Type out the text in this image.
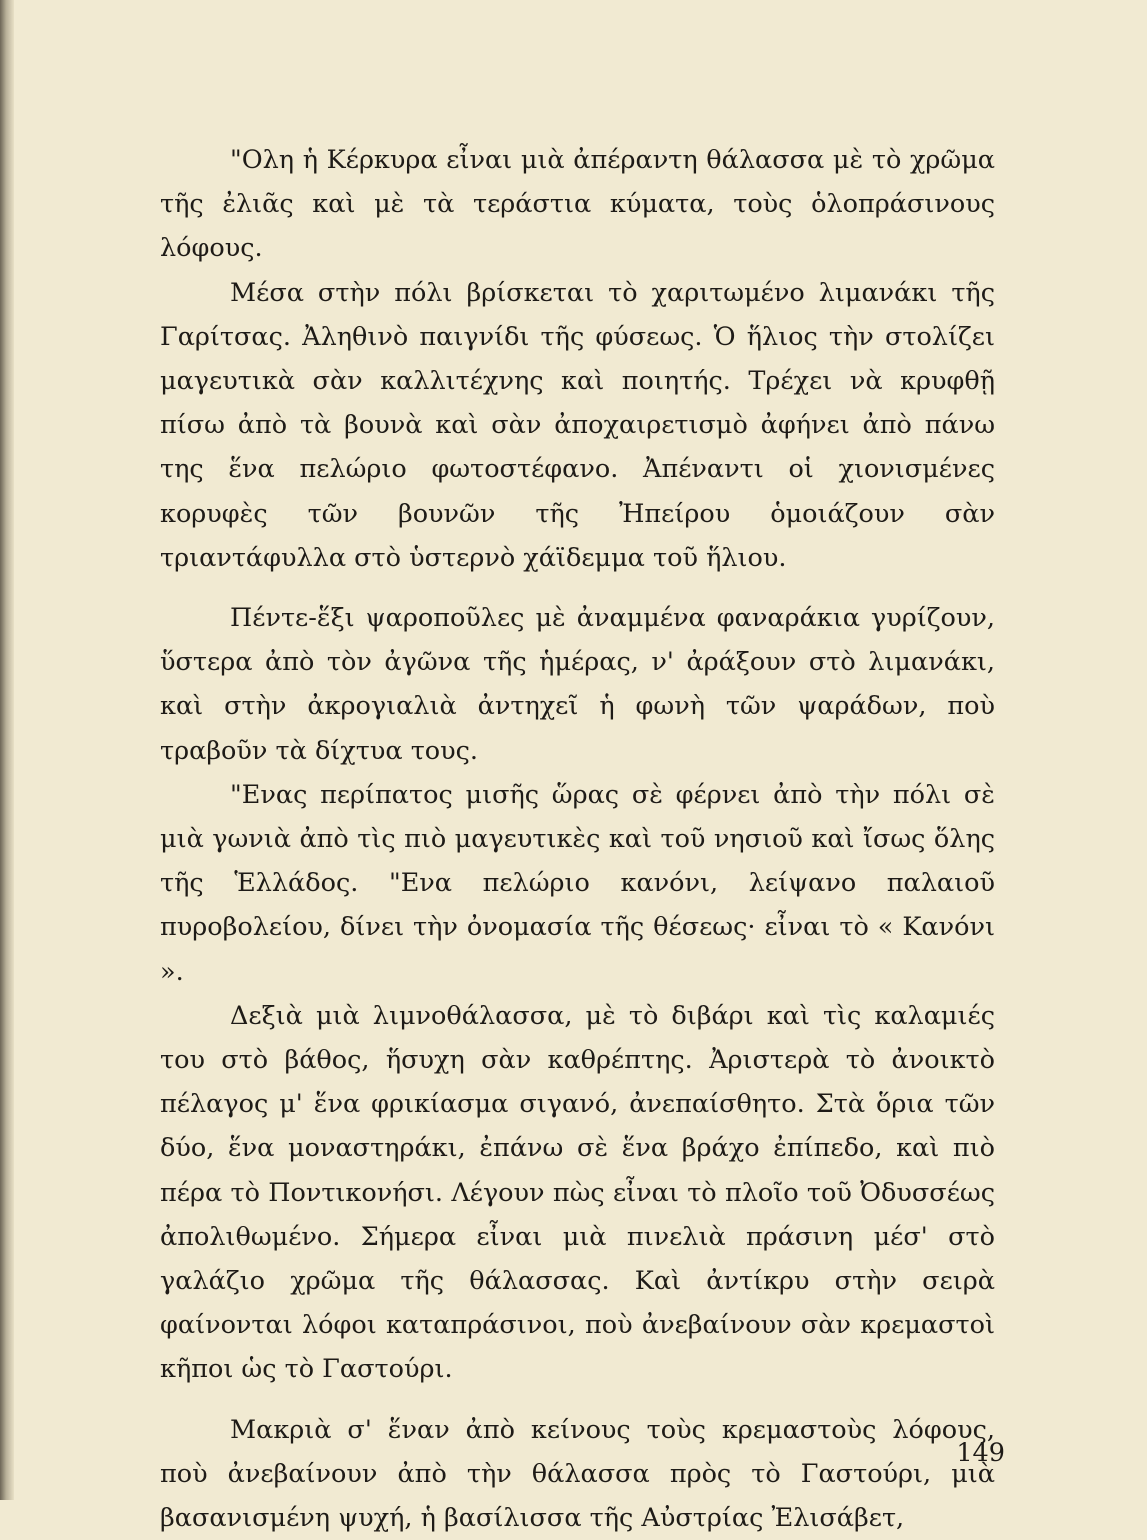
"Ολη ἡ Κέρκυρα εἶναι μιὰ ἀπέραντη θάλασσα μὲ τὸ χρῶμα τῆς ἐλιᾶς καὶ μὲ τὰ τεράστια κύματα, τοὺς ὁλοπράσινους λόφους.

Μέσα στὴν πόλι βρίσκεται τὸ χαριτωμένο λιμανάκι τῆς Γαρίτσας. Ἀληθινὸ παιγνίδι τῆς φύσεως. Ὁ ἥλιος τὴν στολίζει μαγευτικὰ σὰν καλλιτέχνης καὶ ποιητής. Τρέχει νὰ κρυφθῇ πίσω ἀπὸ τὰ βουνὰ καὶ σὰν ἀποχαιρετισμὸ ἀφήνει ἀπὸ πάνω της ἕνα πελώριο φωτοστέφανο. Ἀπέναντι οἱ χιονισμένες κορυφὲς τῶν βουνῶν τῆς Ἠπείρου ὁμοιάζουν σὰν τριαντάφυλλα στὸ ὑστερνὸ χάϊδεμμα τοῦ ἥλιου.

Πέντε-ἕξι ψαροποῦλες μὲ ἀναμμένα φαναράκια γυρίζουν, ὕστερα ἀπὸ τὸν ἀγῶνα τῆς ἡμέρας, ν' ἀράξουν στὸ λιμανάκι, καὶ στὴν ἀκρογιαλιὰ ἀντηχεῖ ἡ φωνὴ τῶν ψαράδων, ποὺ τραβοῦν τὰ δίχτυα τους.

"Ενας περίπατος μισῆς ὥρας σὲ φέρνει ἀπὸ τὴν πόλι σὲ μιὰ γωνιὰ ἀπὸ τὶς πιὸ μαγευτικὲς καὶ τοῦ νησιοῦ καὶ ἴσως ὅλης τῆς Ἑλλάδος. "Ενα πελώριο κανόνι, λείψανο παλαιοῦ πυροβολείου, δίνει τὴν ὀνομασία τῆς θέσεως· εἶναι τὸ « Κανόνι ».

Δεξιὰ μιὰ λιμνοθάλασσα, μὲ τὸ διβάρι καὶ τὶς καλαμιές του στὸ βάθος, ἥσυχη σὰν καθρέπτης. Ἀριστερὰ τὸ ἀνοικτὸ πέλαγος μ' ἕνα φρικίασμα σιγανό, ἀνεπαίσθητο. Στὰ ὅρια τῶν δύο, ἕνα μοναστηράκι, ἐπάνω σὲ ἕνα βράχο ἐπίπεδο, καὶ πιὸ πέρα τὸ Ποντικονήσι. Λέγουν πὼς εἶναι τὸ πλοῖο τοῦ Ὀδυσσέως ἀπολιθωμένο. Σήμερα εἶναι μιὰ πινελιὰ πράσινη μέσ' στὸ γαλάζιο χρῶμα τῆς θάλασσας. Καὶ ἀντίκρυ στὴν σειρὰ φαίνονται λόφοι καταπράσινοι, ποὺ ἀνεβαίνουν σὰν κρεμαστοὶ κῆποι ὡς τὸ Γαστούρι.

Μακριὰ σ' ἕναν ἀπὸ κείνους τοὺς κρεμαστοὺς λόφους, ποὺ ἀνεβαίνουν ἀπὸ τὴν θάλασσα πρὸς τὸ Γαστούρι, μιὰ βασανισμένη ψυχή, ἡ βασίλισσα τῆς Αὐστρίας Ἐλισάβετ,

149
